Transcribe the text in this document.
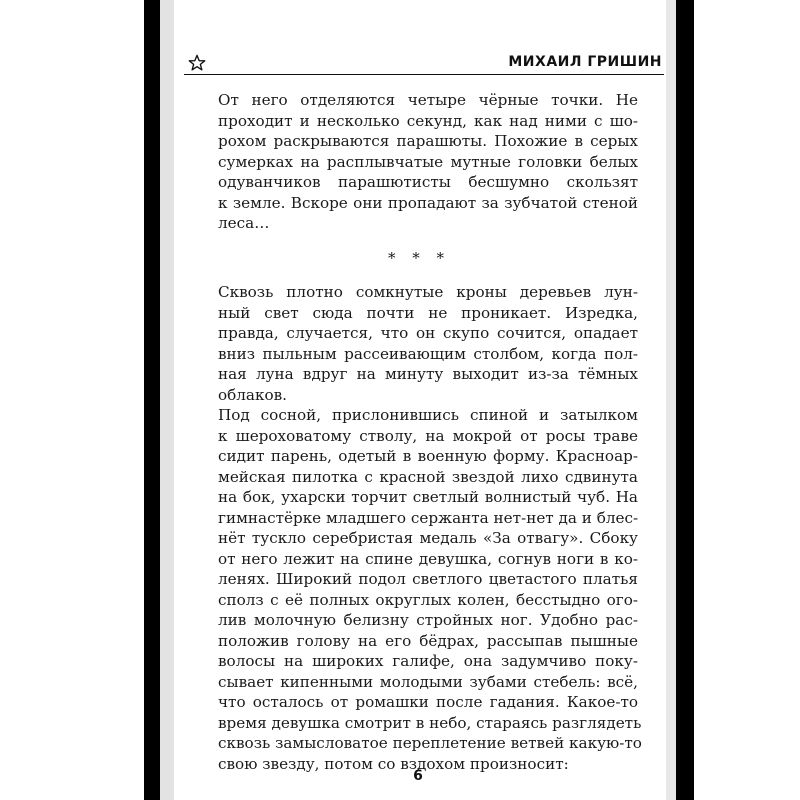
МИХАИЛ ГРИШИН

От него отделяются четыре чёрные точки. Не
проходит и несколько секунд, как над ними с шо-
рохом раскрываются парашюты. Похожие в серых
сумерках на расплывчатые мутные головки белых
одуванчиков парашютисты бесшумно скользят
к земле. Вскоре они пропадают за зубчатой стеной
леса…

* * *

Сквозь плотно сомкнутые кроны деревьев лун-
ный свет сюда почти не проникает. Изредка,
правда, случается, что он скупо сочится, опадает
вниз пыльным рассеивающим столбом, когда пол-
ная луна вдруг на минуту выходит из-за тёмных
облаков.

Под сосной, прислонившись спиной и затылком
к шероховатому стволу, на мокрой от росы траве
сидит парень, одетый в военную форму. Красноар-
мейская пилотка с красной звездой лихо сдвинута
на бок, ухарски торчит светлый волнистый чуб. На
гимнастёрке младшего сержанта нет-нет да и блес-
нёт тускло серебристая медаль «За отвагу». Сбоку
от него лежит на спине девушка, согнув ноги в ко-
ленях. Широкий подол светлого цветастого платья
сполз с её полных округлых колен, бесстыдно ого-
лив молочную белизну стройных ног. Удобно рас-
положив голову на его бёдрах, рассыпав пышные
волосы на широких галифе, она задумчиво поку-
сывает кипенными молодыми зубами стебель: всё,
что осталось от ромашки после гадания. Какое-то
время девушка смотрит в небо, стараясь разглядеть
сквозь замысловатое переплетение ветвей какую-то
свою звезду, потом со вздохом произносит:

6
